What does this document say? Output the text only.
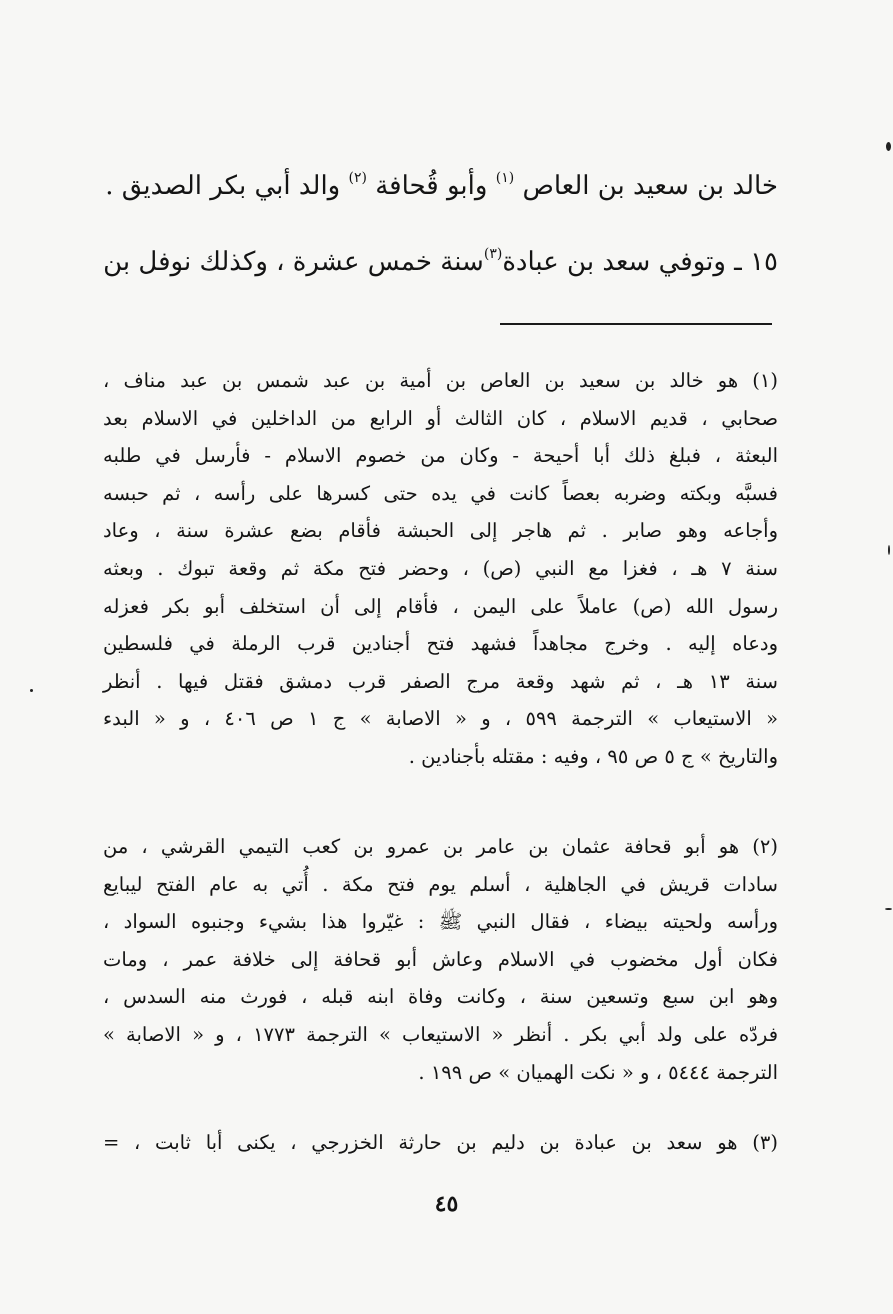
خالد بن سعيد بن العاص $^{(١)}$ وأبو قُحافة $^{(٢)}$ والد أبي بكر الصديق .
١٥ ـ وتوفي سعد بن عبادة$^{(٣)}$سنة خمس عشرة ، وكذلك نوفل بن
(١) هو خالد بن سعيد بن العاص بن أمية بن عبد شمس بن عبد مناف ،
صحابي ، قديم الاسلام ، كان الثالث أو الرابع من الداخلين في الاسلام بعد
البعثة ، فبلغ ذلك أبا أحيحة - وكان من خصوم الاسلام - فأرسل في طلبه
فسبَّه وبكته وضربه بعصاً كانت في يده حتى كسرها على رأسه ، ثم حبسه
وأجاعه وهو صابر . ثم هاجر إلى الحبشة فأقام بضع عشرة سنة ، وعاد
سنة ٧ هـ ، فغزا مع النبي (ص) ، وحضر فتح مكة ثم وقعة تبوك . وبعثه
رسول الله (ص) عاملاً على اليمن ، فأقام إلى أن استخلف أبو بكر فعزله
ودعاه إليه . وخرج مجاهداً فشهد فتح أجنادين قرب الرملة في فلسطين
سنة ١٣ هـ ، ثم شهد وقعة مرج الصفر قرب دمشق فقتل فيها . أنظر
« الاستيعاب » الترجمة ٥٩٩ ، و « الاصابة » ج ١ ص ٤٠٦ ، و « البدء
والتاريخ » ج ٥ ص ٩٥ ، وفيه : مقتله بأجنادين .
(٢) هو أبو قحافة عثمان بن عامر بن عمرو بن كعب التيمي القرشي ، من
سادات قريش في الجاهلية ، أسلم يوم فتح مكة . أُتي به عام الفتح ليبايع
ورأسه ولحيته بيضاء ، فقال النبي ﷺ : غيّروا هذا بشيء وجنبوه السواد ،
فكان أول مخضوب في الاسلام وعاش أبو قحافة إلى خلافة عمر ، ومات
وهو ابن سبع وتسعين سنة ، وكانت وفاة ابنه قبله ، فورث منه السدس ،
فردّه على ولد أبي بكر . أنظر « الاستيعاب » الترجمة ١٧٧٣ ، و « الاصابة »
الترجمة ٥٤٤٤ ، و « نكت الهميان » ص ١٩٩ .
(٣) هو سعد بن عبادة بن دليم بن حارثة الخزرجي ، يكنى أبا ثابت ، =
٤٥
